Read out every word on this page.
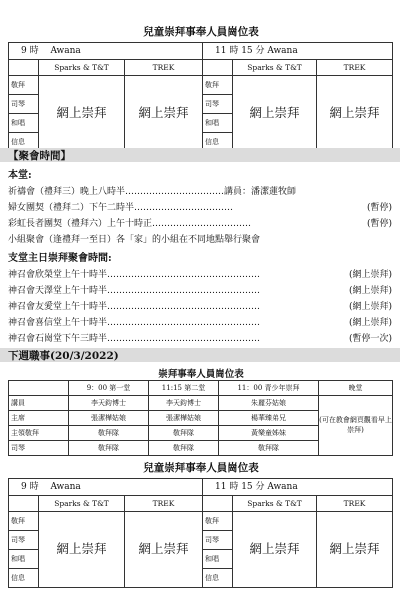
兒童崇拜事奉人員崗位表
9 時　 Awana			11 時 15 分 Awana		
	Sparks & T&T	TREK		Sparks & T&T	TREK
敬拜	網上崇拜	網上崇拜	敬拜	網上崇拜	網上崇拜
司琴			司琴		
和唱			和唱		
信息			信息		
【聚會時間】
本堂:
祈禱會（禮拜三）晚上八時半……………………………講員：潘潔蓮牧師
婦女團契（禮拜二）下午二時半……………………………	(暫停)
彩虹長者團契（禮拜六）上午十時正……………………………	(暫停)
小組聚會（逢禮拜一至日）各「家」的小組在不同地點舉行聚會
支堂主日崇拜聚會時間:
神召會欣榮堂上午十時半……………………………………………	(網上崇拜)
神召會天澤堂上午十時半……………………………………………	(網上崇拜)
神召會友愛堂上午十時半……………………………………………	(網上崇拜)
神召會喜信堂上午十時半……………………………………………	(網上崇拜)
神召會石崗堂下午三時半……………………………………………	(暫停一次)
下週職事(20/3/2022)
崇拜事奉人員崗位表
	9：00 第一堂	11:15 第二堂	11：00 青少年崇拜	晚堂
講員	李天鈞博士	李天鈞博士	朱麗芬姑娘	(可在教會網頁觀看早上崇拜)
主席	張潔樺姑娘	張潔樺姑娘	楊華臻弟兄	
主領敬拜	敬拜隊	敬拜隊	黃樂童姊妹	
司琴	敬拜隊	敬拜隊	敬拜隊	
兒童崇拜事奉人員崗位表
9 時　 Awana			11 時 15 分 Awana		
	Sparks & T&T	TREK		Sparks & T&T	TREK
敬拜	網上崇拜	網上崇拜	敬拜	網上崇拜	網上崇拜
司琴			司琴		
和唱			和唱		
信息			信息		
